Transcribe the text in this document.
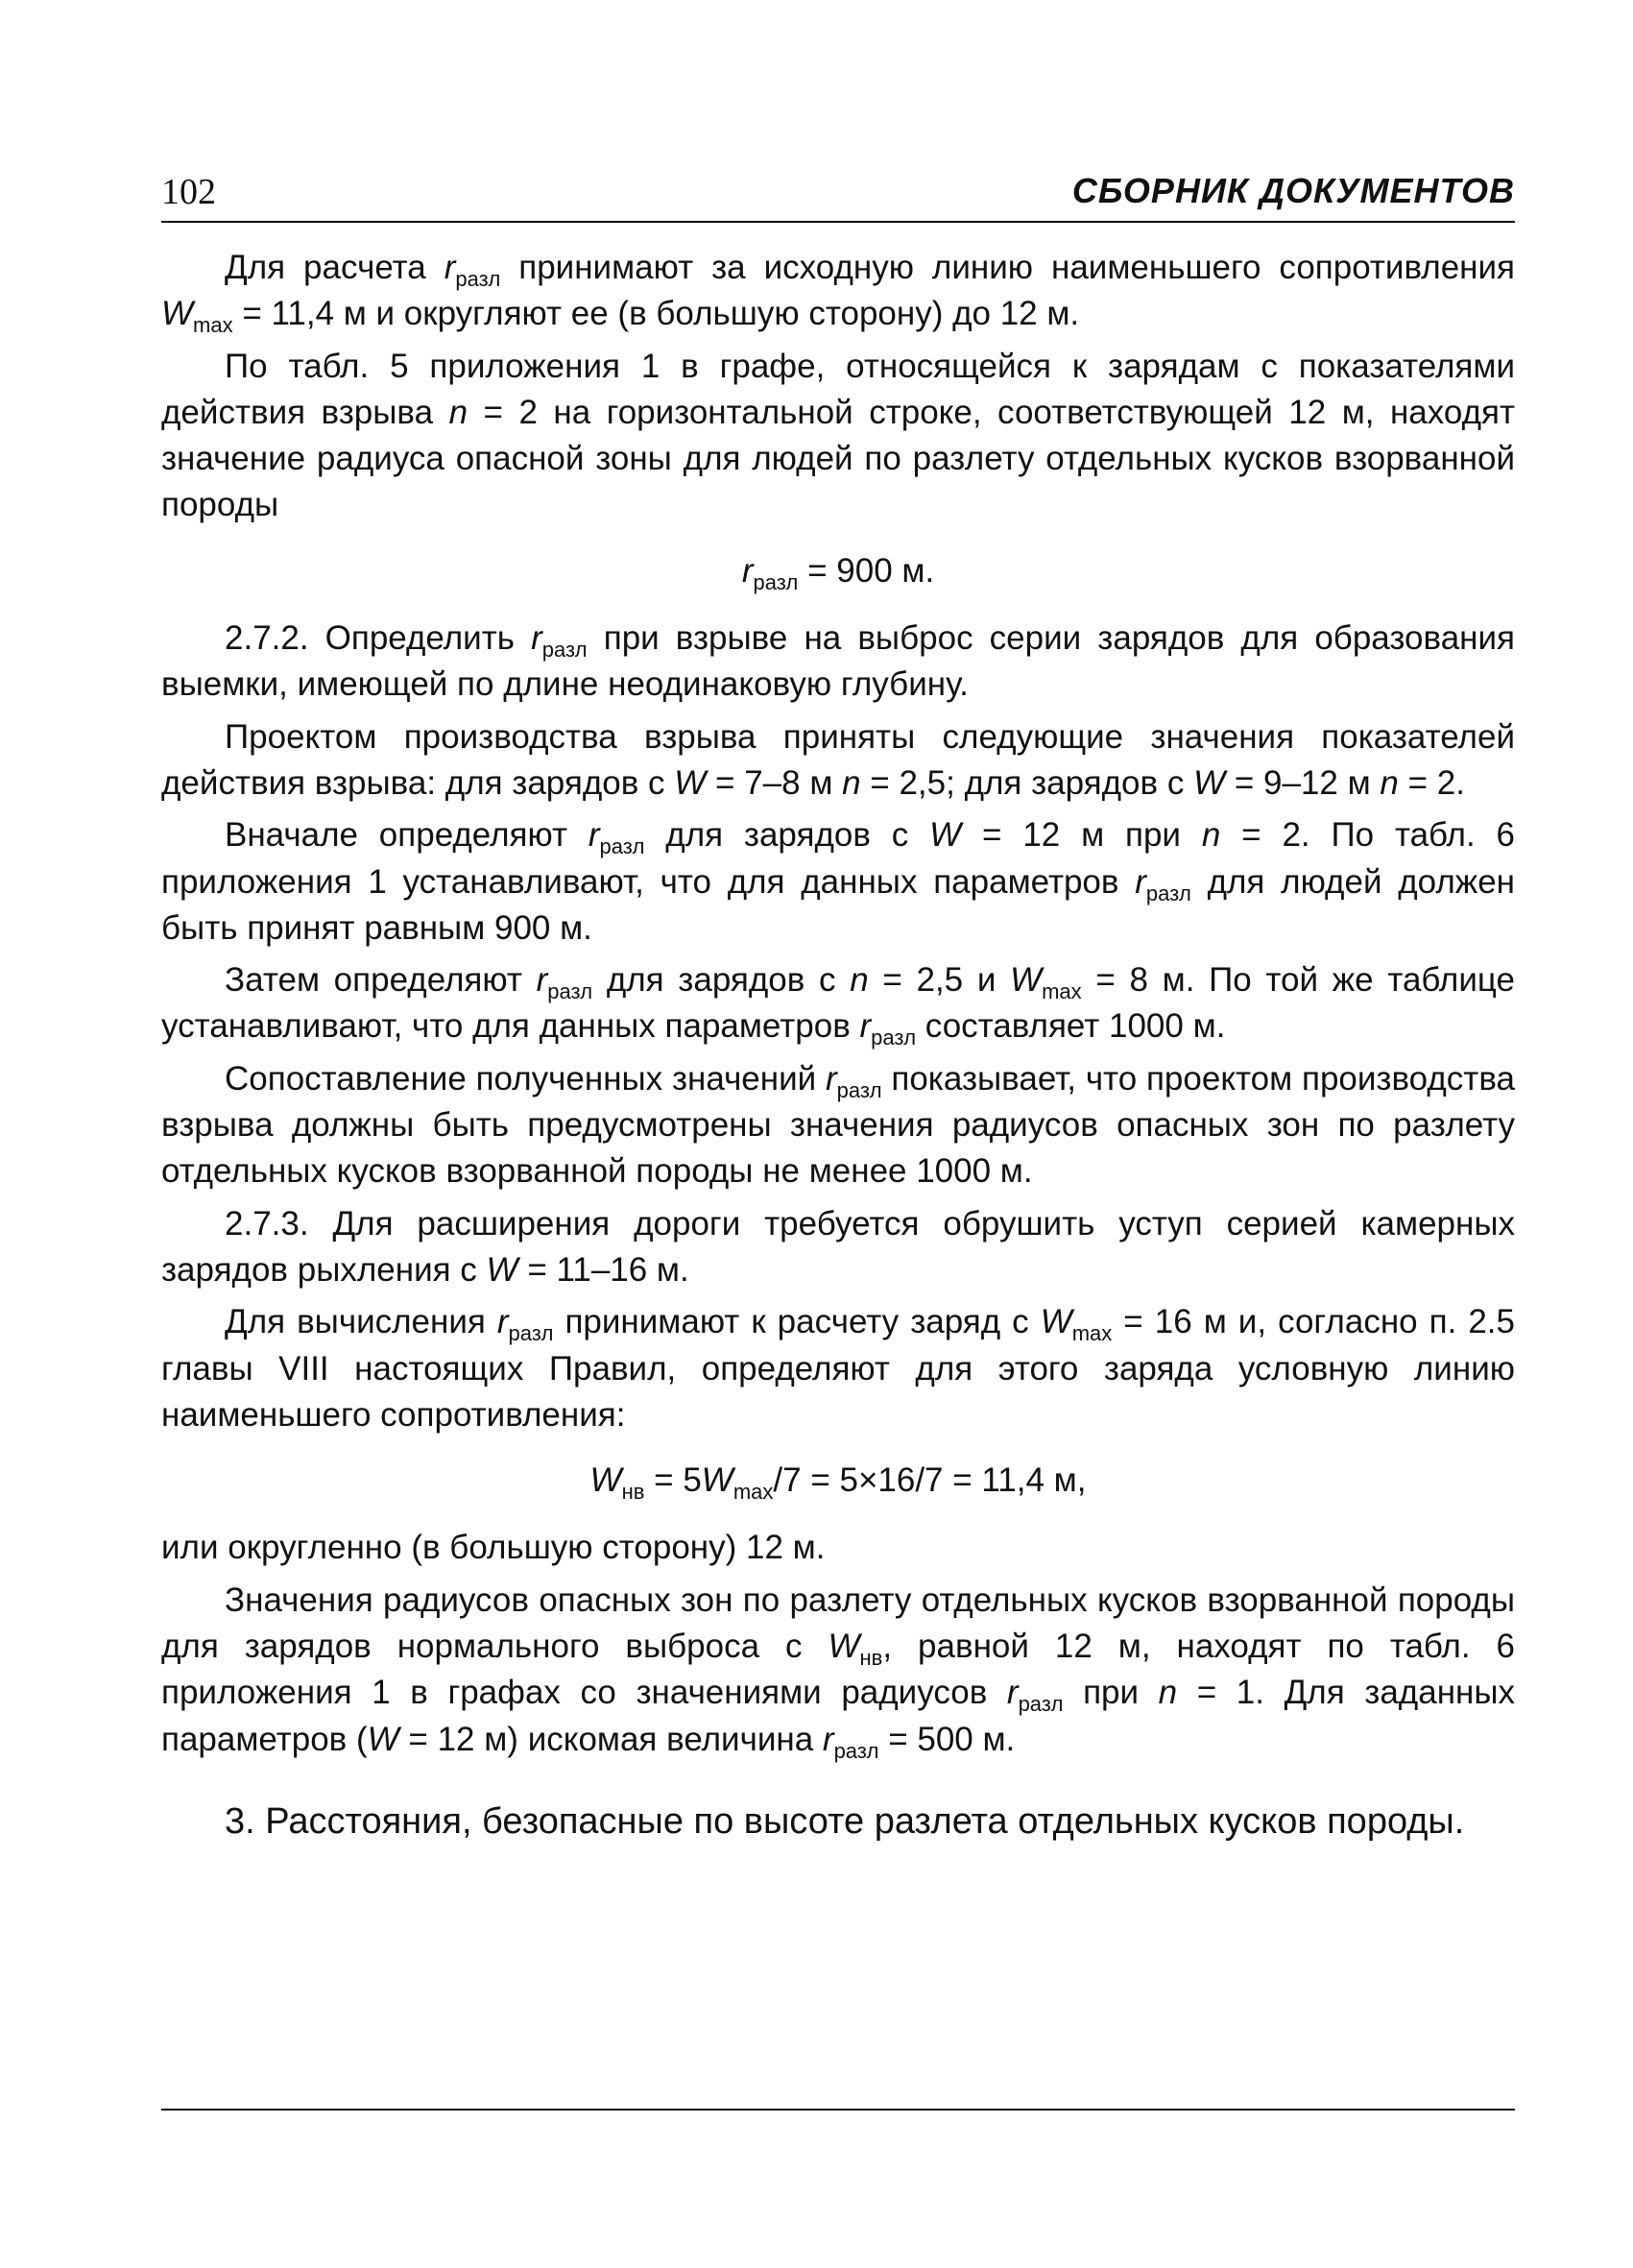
102	СБОРНИК ДОКУМЕНТОВ

Для расчета $r_{разл}$ принимают за исходную линию наименьшего сопротивления $W_{max} = 11,4$ м и округляют ее (в большую сторону) до 12 м.

По табл. 5 приложения 1 в графе, относящейся к зарядам с показателями действия взрыва n = 2 на горизонтальной строке, соответствующей 12 м, находят значение радиуса опасной зоны для людей по разлету отдельных кусков взорванной породы

$r_{разл} = 900$ м.

2.7.2. Определить $r_{разл}$ при взрыве на выброс серии зарядов для образования выемки, имеющей по длине неодинаковую глубину.

Проектом производства взрыва приняты следующие значения показателей действия взрыва: для зарядов с W = 7–8 м n = 2,5; для зарядов с W = 9–12 м n = 2.

Вначале определяют $r_{разл}$ для зарядов с W = 12 м при n = 2. По табл. 6 приложения 1 устанавливают, что для данных параметров $r_{разл}$ для людей должен быть принят равным 900 м.

Затем определяют $r_{разл}$ для зарядов с n = 2,5 и $W_{max} = 8$ м. По той же таблице устанавливают, что для данных параметров $r_{разл}$ составляет 1000 м.

Сопоставление полученных значений $r_{разл}$ показывает, что проектом производства взрыва должны быть предусмотрены значения радиусов опасных зон по разлету отдельных кусков взорванной породы не менее 1000 м.

2.7.3. Для расширения дороги требуется обрушить уступ серией камерных зарядов рыхления с W = 11–16 м.

Для вычисления $r_{разл}$ принимают к расчету заряд с $W_{max} = 16$ м и, согласно п. 2.5 главы VIII настоящих Правил, определяют для этого заряда условную линию наименьшего сопротивления:

$W_{нв} = 5W_{max}/7 = 5\times 16/7 = 11,4$ м,

или округленно (в большую сторону) 12 м.

Значения радиусов опасных зон по разлету отдельных кусков взорванной породы для зарядов нормального выброса с $W_{нв}$, равной 12 м, находят по табл. 6 приложения 1 в графах со значениями радиусов $r_{разл}$ при n = 1. Для заданных параметров (W = 12 м) искомая величина $r_{разл} = 500$ м.

3. Расстояния, безопасные по высоте разлета отдельных кусков породы.
